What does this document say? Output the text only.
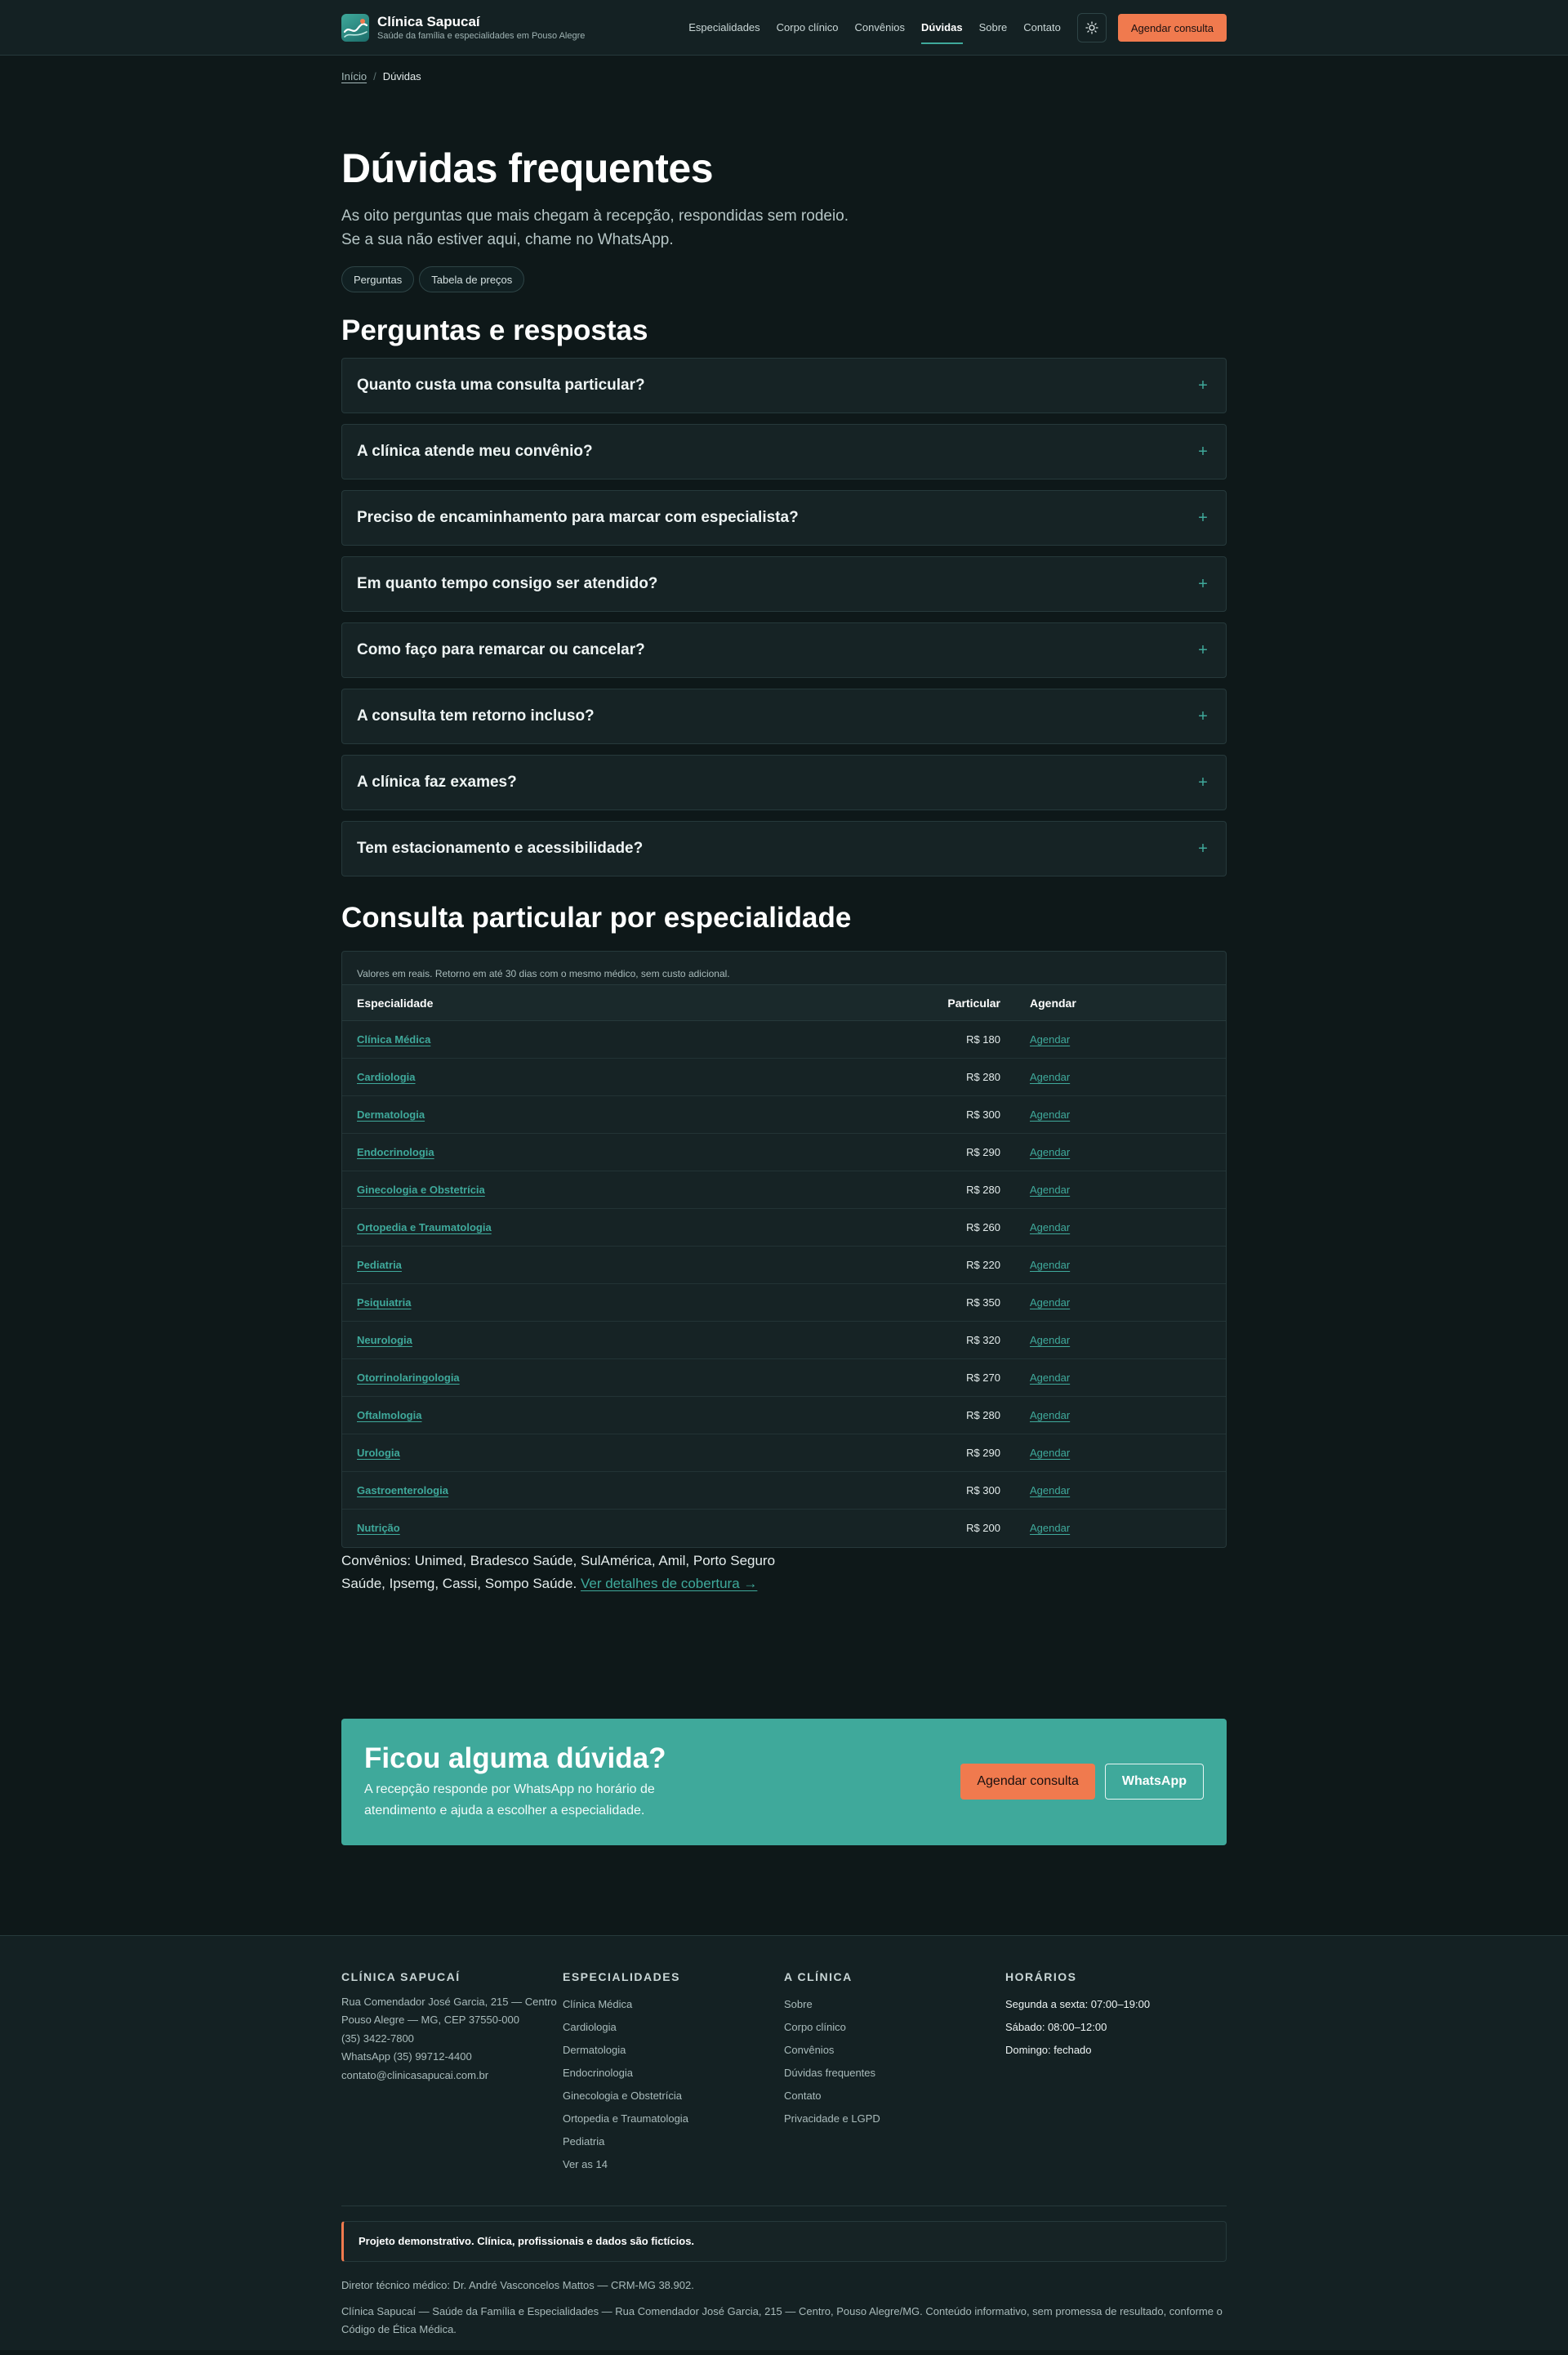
Clínica Sapucaí
Saúde da família e especialidades em Pouso Alegre
Especialidades Corpo clínico Convênios Dúvidas Sobre Contato	Agendar consulta
Início / Dúvidas
Dúvidas frequentes

As oito perguntas que mais chegam à recepção, respondidas sem rodeio. Se a sua não estiver aqui, chame no WhatsApp.

Perguntas	Tabela de preços
Perguntas e respostas
Quanto custa uma consulta particular?	+
A clínica atende meu convênio?	+
Preciso de encaminhamento para marcar com especialista?	+
Em quanto tempo consigo ser atendido?	+
Como faço para remarcar ou cancelar?	+
A consulta tem retorno incluso?	+
A clínica faz exames?	+
Tem estacionamento e acessibilidade?	+
Consulta particular por especialidade
Valores em reais. Retorno em até 30 dias com o mesmo médico, sem custo adicional.
Especialidade	Particular	Agendar
Clínica Médica	R$ 180	Agendar
Cardiologia	R$ 280	Agendar
Dermatologia	R$ 300	Agendar
Endocrinologia	R$ 290	Agendar
Ginecologia e Obstetrícia	R$ 280	Agendar
Ortopedia e Traumatologia	R$ 260	Agendar
Pediatria	R$ 220	Agendar
Psiquiatria	R$ 350	Agendar
Neurologia	R$ 320	Agendar
Otorrinolaringologia	R$ 270	Agendar
Oftalmologia	R$ 280	Agendar
Urologia	R$ 290	Agendar
Gastroenterologia	R$ 300	Agendar
Nutrição	R$ 200	Agendar

Convênios: Unimed, Bradesco Saúde, SulAmérica, Amil, Porto Seguro Saúde, Ipsemg, Cassi, Sompo Saúde. Ver detalhes de cobertura →

Ficou alguma dúvida?
A recepção responde por WhatsApp no horário de atendimento e ajuda a escolher a especialidade.
Agendar consulta	WhatsApp
CLÍNICA SAPUCAÍ
Rua Comendador José Garcia, 215 — Centro
Pouso Alegre — MG, CEP 37550-000
(35) 3422-7800
WhatsApp (35) 99712-4400
contato@clinicasapucai.com.br
ESPECIALIDADES
Clínica Médica
Cardiologia
Dermatologia
Endocrinologia
Ginecologia e Obstetrícia
Ortopedia e Traumatologia
Pediatria
Ver as 14
A CLÍNICA
Sobre
Corpo clínico
Convênios
Dúvidas frequentes
Contato
Privacidade e LGPD
HORÁRIOS
Segunda a sexta: 07:00–19:00
Sábado: 08:00–12:00
Domingo: fechado
Projeto demonstrativo. Clínica, profissionais e dados são fictícios.

Diretor técnico médico: Dr. André Vasconcelos Mattos — CRM-MG 38.902.

Clínica Sapucaí — Saúde da Família e Especialidades — Rua Comendador José Garcia, 215 — Centro, Pouso Alegre/MG. Conteúdo informativo, sem promessa de resultado, conforme o Código de Ética Médica.
